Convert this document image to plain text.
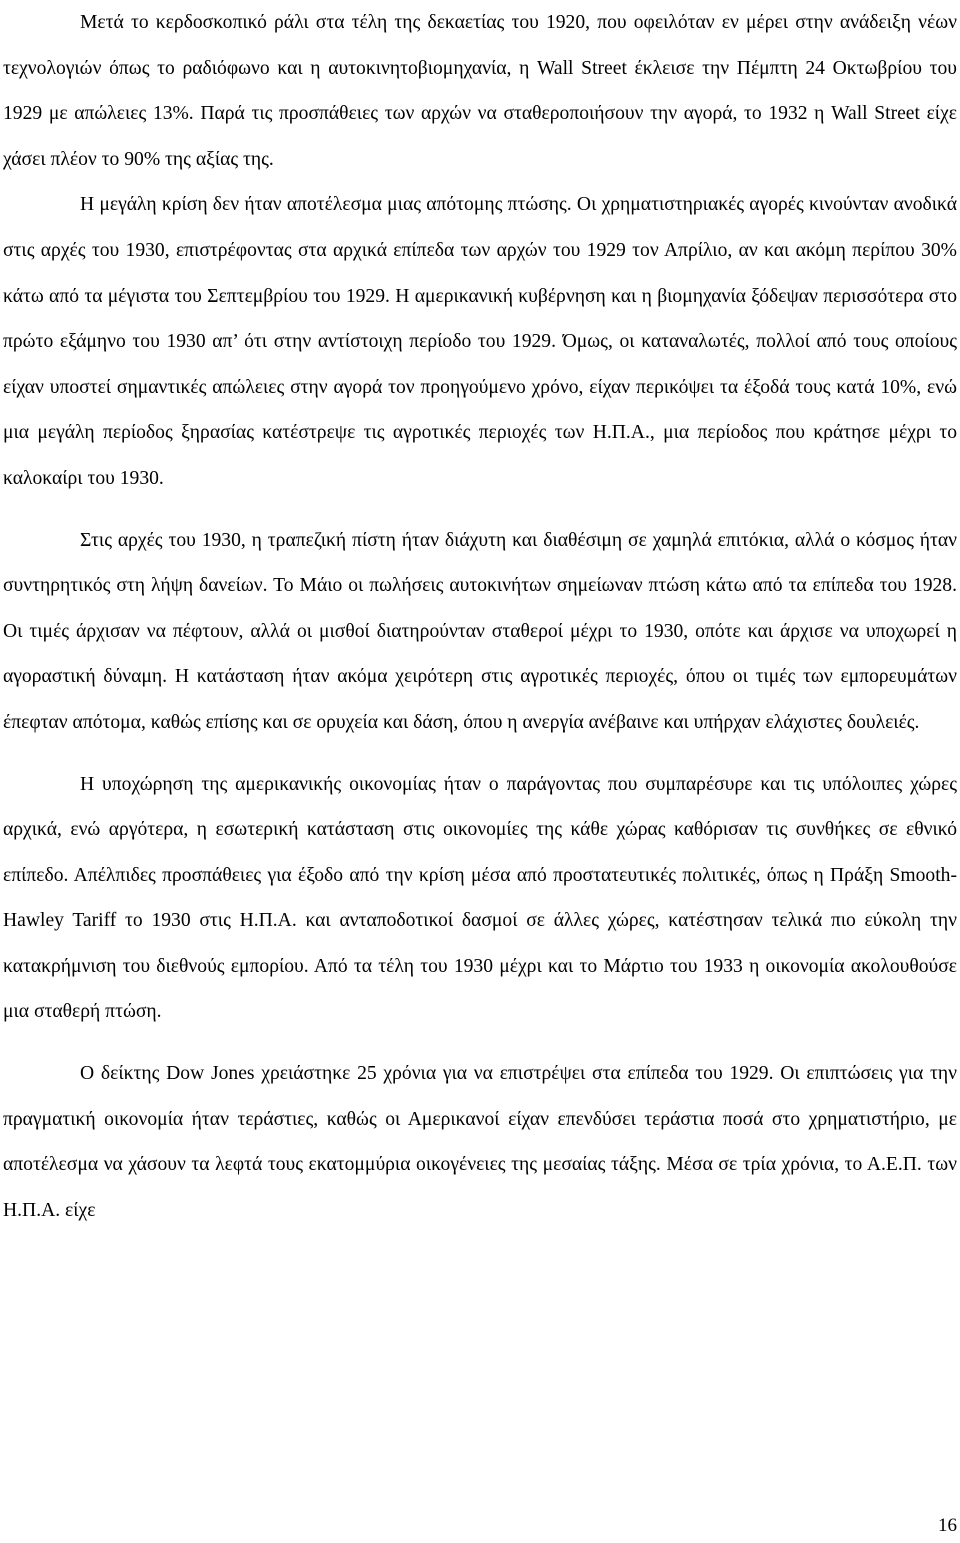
Μετά το κερδοσκοπικό ράλι στα τέλη της δεκαετίας του 1920, που οφειλόταν εν μέρει στην ανάδειξη νέων τεχνολογιών όπως το ραδιόφωνο και η αυτοκινητοβιομηχανία, η Wall Street έκλεισε την Πέμπτη 24 Οκτωβρίου του 1929 με απώλειες 13%. Παρά τις προσπάθειες των αρχών να σταθεροποιήσουν την αγορά, το 1932 η Wall Street είχε χάσει πλέον το 90% της αξίας της.

Η μεγάλη κρίση δεν ήταν αποτέλεσμα μιας απότομης πτώσης. Οι χρηματιστηριακές αγορές κινούνταν ανοδικά στις αρχές του 1930, επιστρέφοντας στα αρχικά επίπεδα των αρχών του 1929 τον Απρίλιο, αν και ακόμη περίπου 30% κάτω από τα μέγιστα του Σεπτεμβρίου του 1929. Η αμερικανική κυβέρνηση και η βιομηχανία ξόδεψαν περισσότερα στο πρώτο εξάμηνο του 1930 απ’ ότι στην αντίστοιχη περίοδο του 1929. Όμως, οι καταναλωτές, πολλοί από τους οποίους είχαν υποστεί σημαντικές απώλειες στην αγορά τον προηγούμενο χρόνο, είχαν περικόψει τα έξοδά τους κατά 10%, ενώ μια μεγάλη περίοδος ξηρασίας κατέστρεψε τις αγροτικές περιοχές των Η.Π.Α., μια περίοδος που κράτησε μέχρι το καλοκαίρι του 1930.

Στις αρχές του 1930, η τραπεζική πίστη ήταν διάχυτη και διαθέσιμη σε χαμηλά επιτόκια, αλλά ο κόσμος ήταν συντηρητικός στη λήψη δανείων. Το Μάιο οι πωλήσεις αυτοκινήτων σημείωναν πτώση κάτω από τα επίπεδα του 1928. Οι τιμές άρχισαν να πέφτουν, αλλά οι μισθοί διατηρούνταν σταθεροί μέχρι το 1930, οπότε και άρχισε να υποχωρεί η αγοραστική δύναμη. Η κατάσταση ήταν ακόμα χειρότερη στις αγροτικές περιοχές, όπου οι τιμές των εμπορευμάτων έπεφταν απότομα, καθώς επίσης και σε ορυχεία και δάση, όπου η ανεργία ανέβαινε και υπήρχαν ελάχιστες δουλειές.

Η υποχώρηση της αμερικανικής οικονομίας ήταν ο παράγοντας που συμπαρέσυρε και τις υπόλοιπες χώρες αρχικά, ενώ αργότερα, η εσωτερική κατάσταση στις οικονομίες της κάθε χώρας καθόρισαν τις συνθήκες σε εθνικό επίπεδο. Απέλπιδες προσπάθειες για έξοδο από την κρίση μέσα από προστατευτικές πολιτικές, όπως η Πράξη Smooth-Hawley Tariff το 1930 στις Η.Π.Α. και ανταποδοτικοί δασμοί σε άλλες χώρες, κατέστησαν τελικά πιο εύκολη την κατακρήμνιση του διεθνούς εμπορίου. Από τα τέλη του 1930 μέχρι και το Μάρτιο του 1933 η οικονομία ακολουθούσε μια σταθερή πτώση.

Ο δείκτης Dow Jones χρειάστηκε 25 χρόνια για να επιστρέψει στα επίπεδα του 1929. Οι επιπτώσεις για την πραγματική οικονομία ήταν τεράστιες, καθώς οι Αμερικανοί είχαν επενδύσει τεράστια ποσά στο χρηματιστήριο, με αποτέλεσμα να χάσουν τα λεφτά τους εκατομμύρια οικογένειες της μεσαίας τάξης. Μέσα σε τρία χρόνια, το Α.Ε.Π. των Η.Π.Α. είχε

16
